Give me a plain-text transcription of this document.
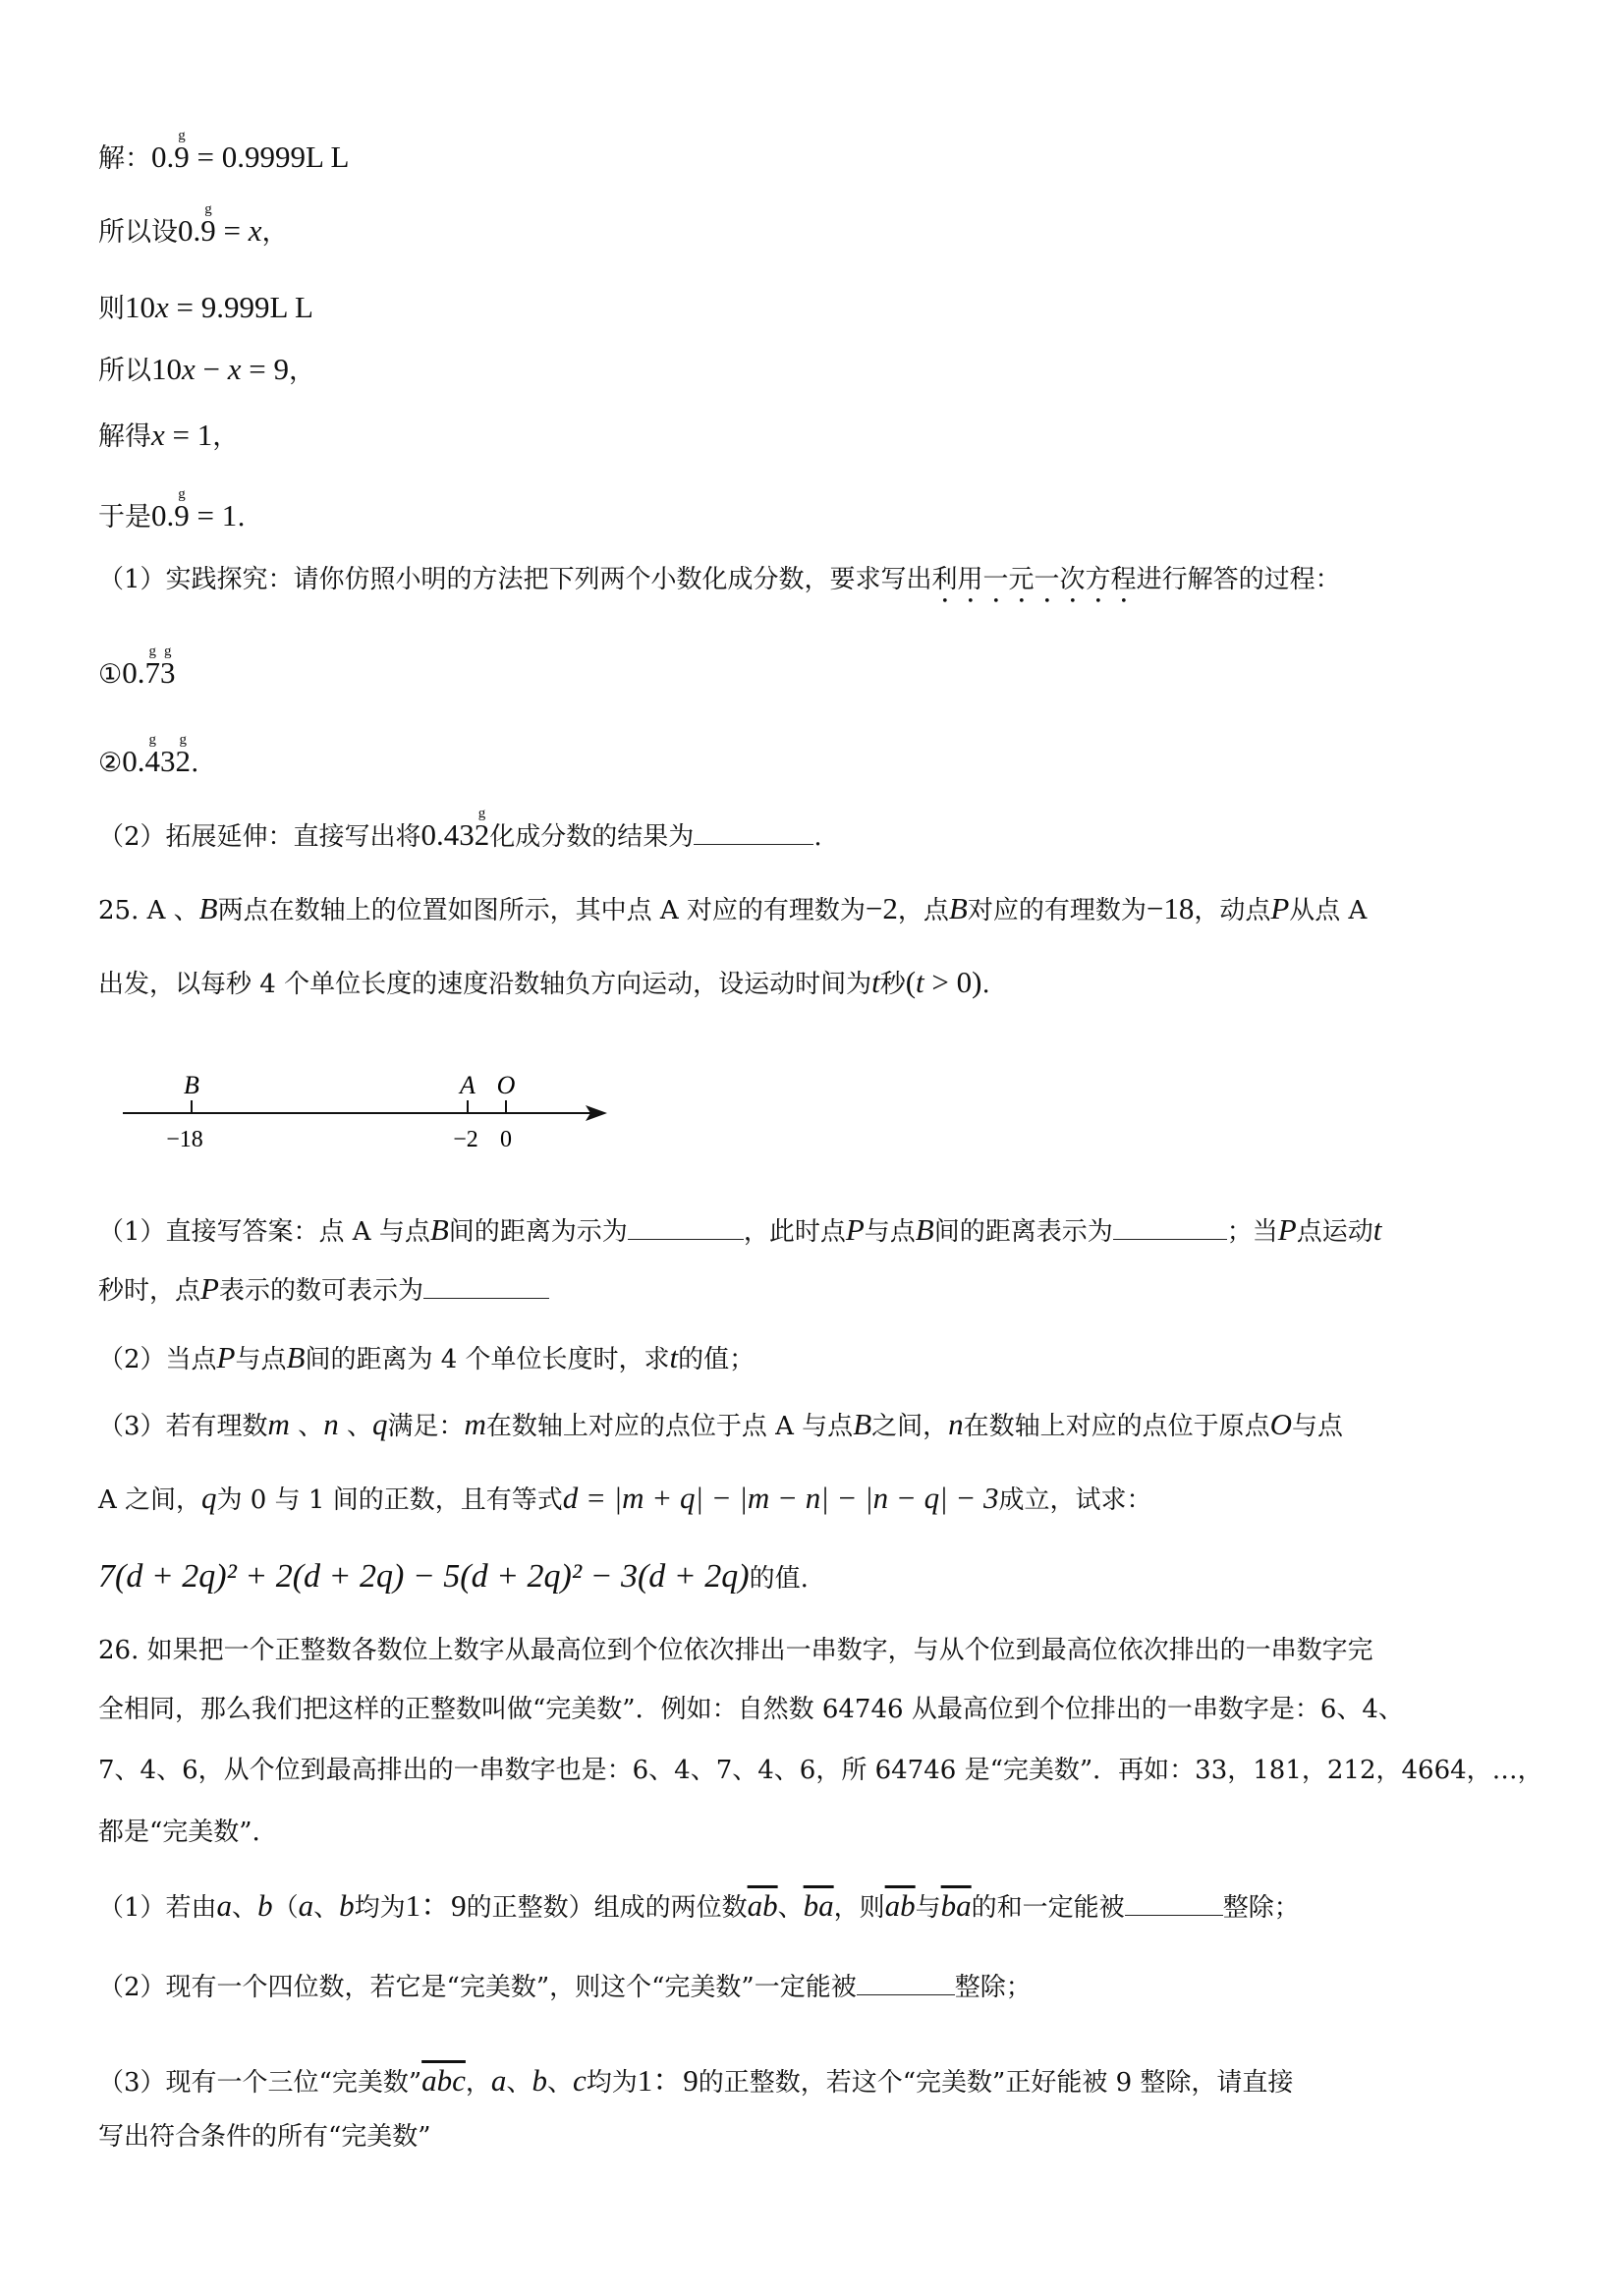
解：0.9
g
= 0.9999L L
所以设0.9
g
= x，
则10x = 9.999L L
所以10x − x = 9，
解得x = 1，
于是0.9
g
= 1.
（1）实践探究：请你仿照小明的方法把下列两个小数化成分数，要求写出利用一元一次方程进行解答的过程：
①0.7
g
3
g
②0.4
g
32
g
.
（2）拓展延伸：直接写出将0.432
g
化成分数的结果为	.
25. A 、B两点在数轴上的位置如图所示，其中点 A 对应的有理数为−2，点B对应的有理数为−18，动点P从点 A
出发，以每秒 4 个单位长度的速度沿数轴负方向运动，设运动时间为t秒(t > 0).
B	A O
−18	−2 0
（1）直接写答案：点 A 与点B间的距离为示为	，此时点P与点B间的距离表示为	；当P点运动t
秒时，点P表示的数可表示为
（2）当点P与点B间的距离为 4 个单位长度时，求t的值；
（3）若有理数m 、n 、q满足：m在数轴上对应的点位于点 A 与点B之间，n在数轴上对应的点位于原点O与点
A 之间，q为 0 与 1 间的正数，且有等式d = |m + q| − |m − n| − |n − q| − 3成立，试求：
7(d + 2q)² + 2(d + 2q) − 5(d + 2q)² − 3(d + 2q)的值.
26. 如果把一个正整数各数位上数字从最高位到个位依次排出一串数字，与从个位到最高位依次排出的一串数字完
全相同，那么我们把这样的正整数叫做“完美数”．例如：自然数 64746 从最高位到个位排出的一串数字是：6、4、
7、4、6，从个位到最高排出的一串数字也是：6、4、7、4、6，所 64746 是“完美数”．再如：33，181，212，4664，…，
都是“完美数”．
（1）若由a、b（a、b均为1：9的正整数）组成的两位数$\overline{ab}$、$\overline{ba}$，则$\overline{ab}$与$\overline{ba}$的和一定能被	整除；
（2）现有一个四位数，若它是“完美数”，则这个“完美数”一定能被	整除；
（3）现有一个三位“完美数$”\overline{abc}$，a、b、c均为1：9的正整数，若这个“完美数”正好能被 9 整除，请直接
写出符合条件的所有“完美数”
